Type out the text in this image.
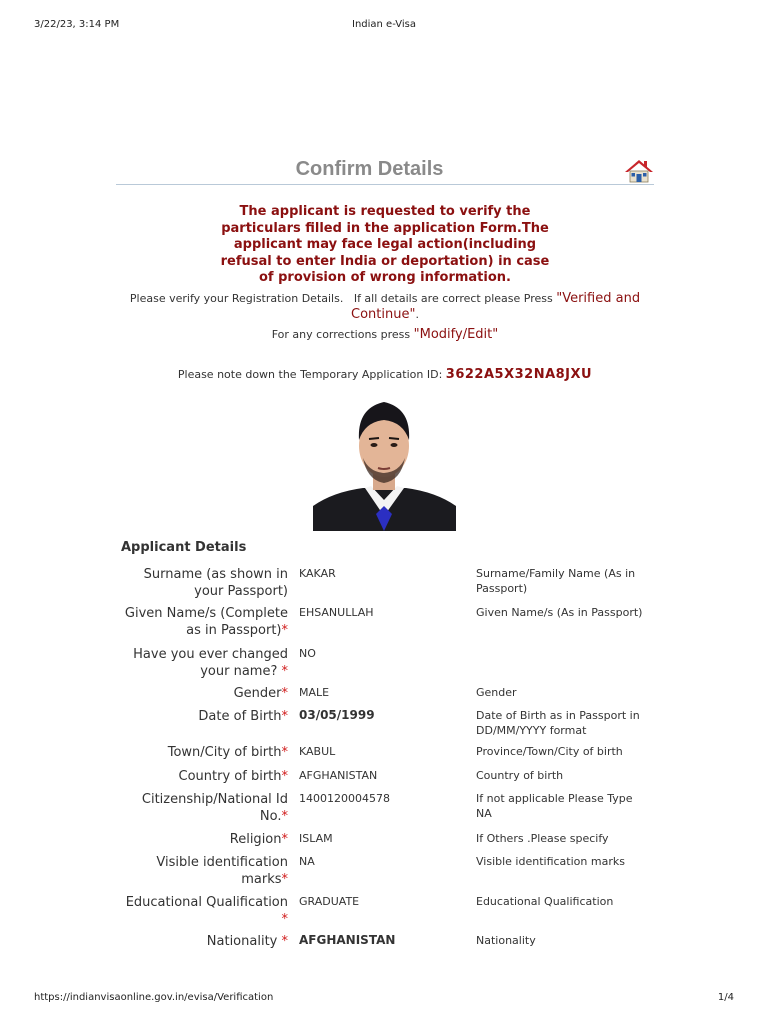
3/22/23, 3:14 PM	Indian e-Visa
Confirm Details
The applicant is requested to verify the
particulars filled in the application Form.The
applicant may face legal action(including
refusal to enter India or deportation) in case
of provision of wrong information.
Please verify your Registration Details.   If all details are correct please Press "Verified and Continue".
For any corrections press "Modify/Edit"
Please note down the Temporary Application ID: 3622A5X32NA8JXU
Applicant Details
Surname (as shown in your Passport)
KAKAR	Surname/Family Name (As in Passport)
Given Name/s (Complete as in Passport)*
EHSANULLAH	Given Name/s (As in Passport)
Have you ever changed your name? *
NO
Gender* MALE	Gender
Date of Birth* 03/05/1999	Date of Birth as in Passport in DD/MM/YYYY format
Town/City of birth* KABUL	Province/Town/City of birth
Country of birth* AFGHANISTAN	Country of birth
Citizenship/National Id No.*
1400120004578	If not applicable Please Type NA
Religion* ISLAM	If Others .Please specify
Visible identification marks*
NA	Visible identification marks
Educational Qualification *
GRADUATE	Educational Qualification
Nationality * AFGHANISTAN	Nationality
https://indianvisaonline.gov.in/evisa/Verification	1/4
